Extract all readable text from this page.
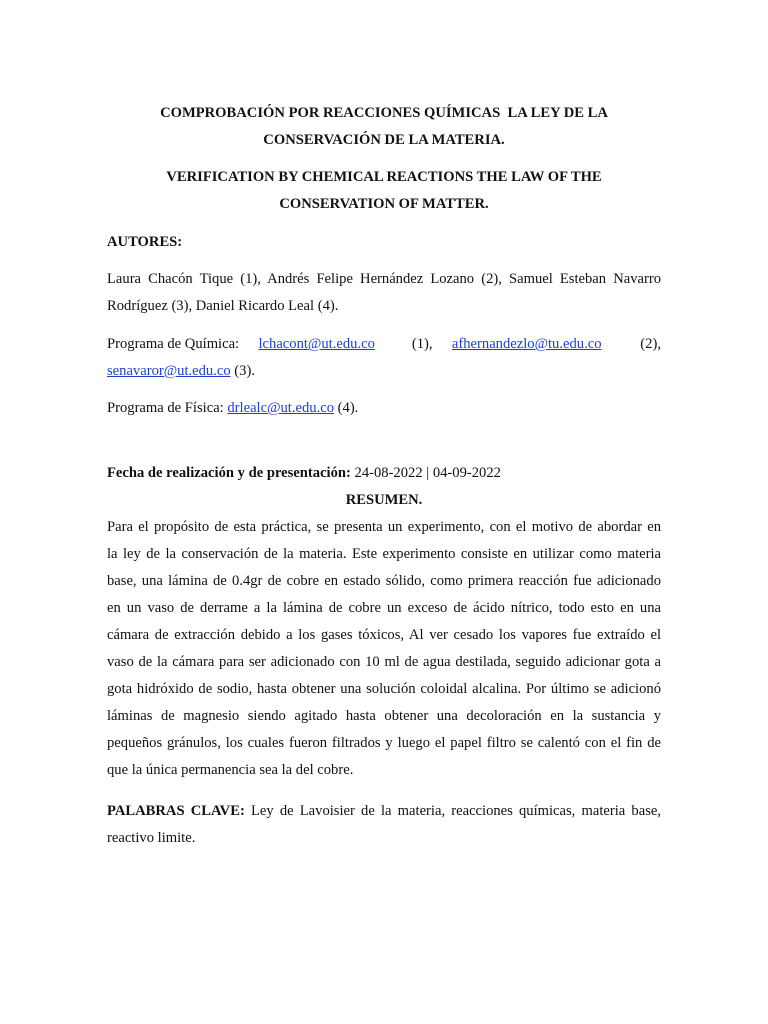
COMPROBACIÓN POR REACCIONES QUÍMICAS  LA LEY DE LA
CONSERVACIÓN DE LA MATERIA.
VERIFICATION BY CHEMICAL REACTIONS THE LAW OF THE
CONSERVATION OF MATTER.
AUTORES:
Laura Chacón Tique (1), Andrés Felipe Hernández Lozano (2), Samuel Esteban Navarro
Rodríguez (3), Daniel Ricardo Leal (4).
Programa de Química: lchacont@ut.edu.co	(1), afhernandezlo@tu.edu.co	(2),
senavaror@ut.edu.co (3).
Programa de Física: drlealc@ut.edu.co (4).
Fecha de realización y de presentación: 24-08-2022 | 04-09-2022
RESUMEN.
Para el propósito de esta práctica, se presenta un experimento, con el motivo de abordar en
la ley de la conservación de la materia. Este experimento consiste en utilizar como materia
base, una lámina de 0.4gr de cobre en estado sólido, como primera reacción fue adicionado
en un vaso de derrame a la lámina de cobre un exceso de ácido nítrico, todo esto en una
cámara de extracción debido a los gases tóxicos, Al ver cesado los vapores fue extraído el
vaso de la cámara para ser adicionado con 10 ml de agua destilada, seguido adicionar gota a
gota hidróxido de sodio, hasta obtener una solución coloidal alcalina. Por último se adicionó
láminas de magnesio siendo agitado hasta obtener una decoloración en la sustancia y
pequeños gránulos, los cuales fueron filtrados y luego el papel filtro se calentó con el fin de
que la única permanencia sea la del cobre.
PALABRAS CLAVE: Ley de Lavoisier de la materia, reacciones químicas, materia base,
reactivo limite.
